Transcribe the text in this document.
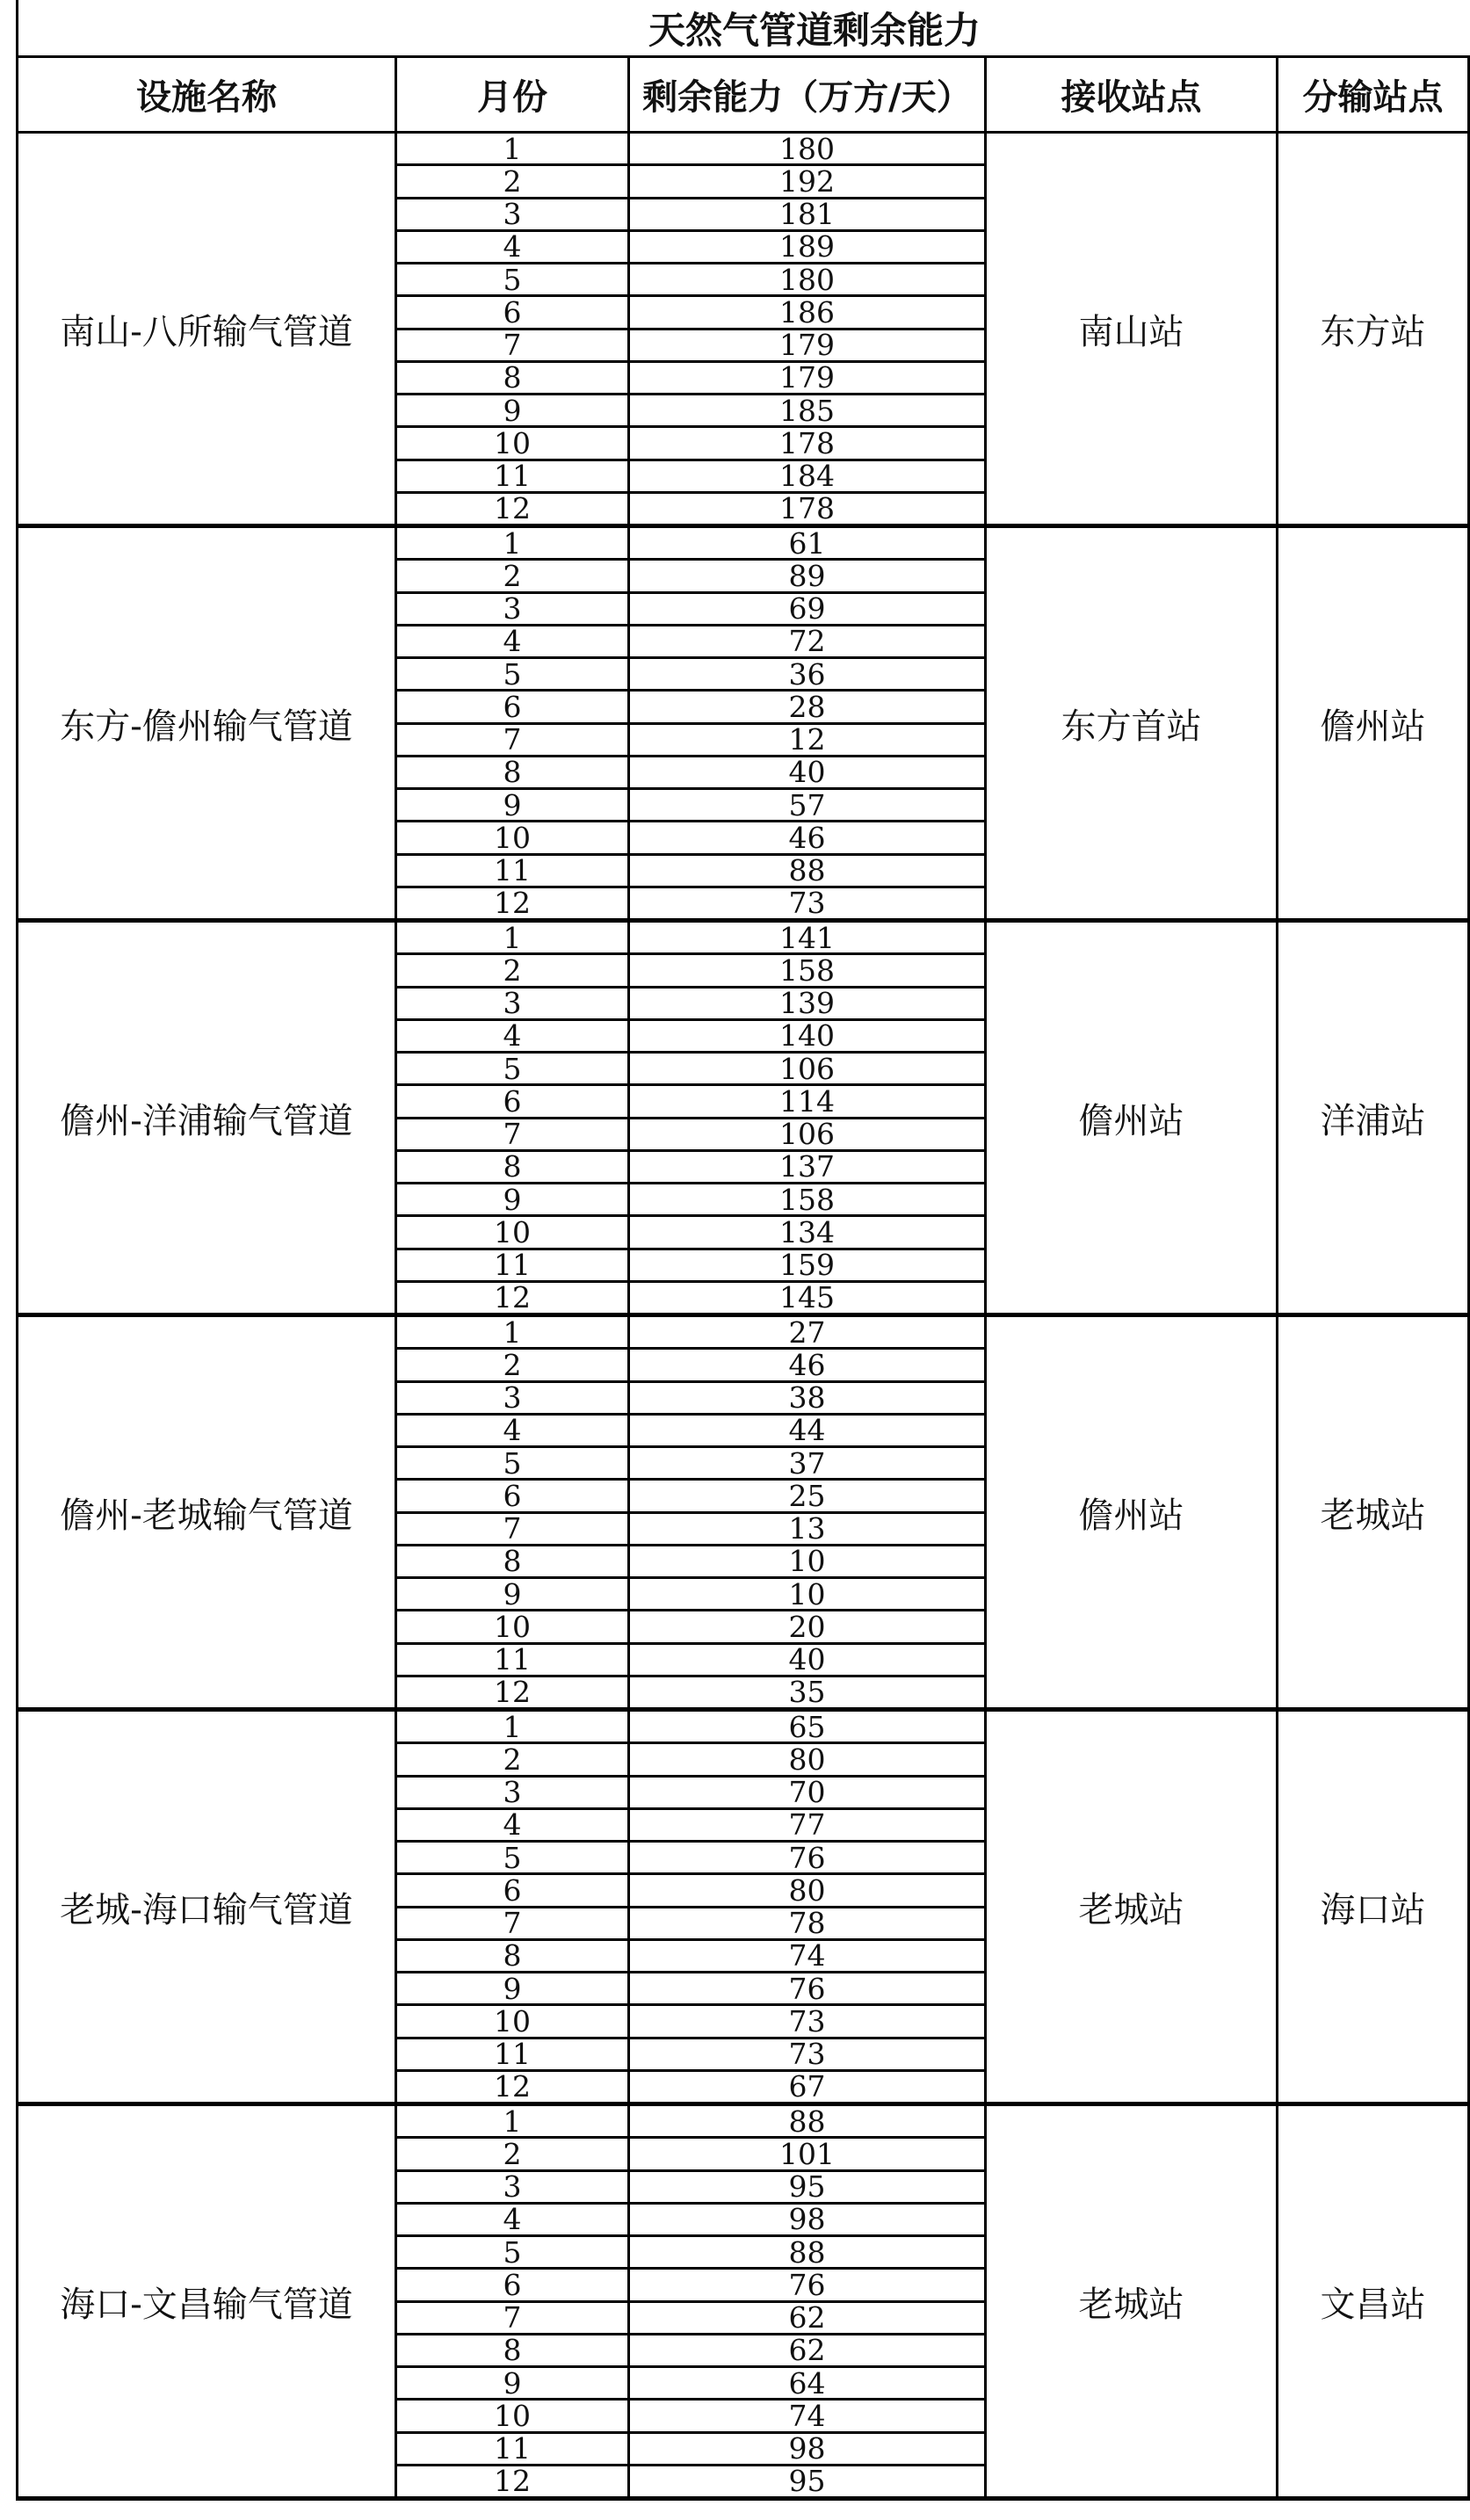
天然气管道剩余能力
设施名称	月份	剩余能力（万方/天）	接收站点	分输站点
南山-八所输气管道
1	180
2	192
3	181
4	189
5	180
6	186
7	179
8	179
9	185
10	178
11	184
12	178
南山站	东方站
东方-儋州输气管道
1	61
2	89
3	69
4	72
5	36
6	28
7	12
8	40
9	57
10	46
11	88
12	73
东方首站	儋州站
儋州-洋浦输气管道
1	141
2	158
3	139
4	140
5	106
6	114
7	106
8	137
9	158
10	134
11	159
12	145
儋州站	洋浦站
儋州-老城输气管道
1	27
2	46
3	38
4	44
5	37
6	25
7	13
8	10
9	10
10	20
11	40
12	35
儋州站	老城站
老城-海口输气管道
1	65
2	80
3	70
4	77
5	76
6	80
7	78
8	74
9	76
10	73
11	73
12	67
老城站	海口站
海口-文昌输气管道
1	88
2	101
3	95
4	98
5	88
6	76
7	62
8	62
9	64
10	74
11	98
12	95
老城站	文昌站
